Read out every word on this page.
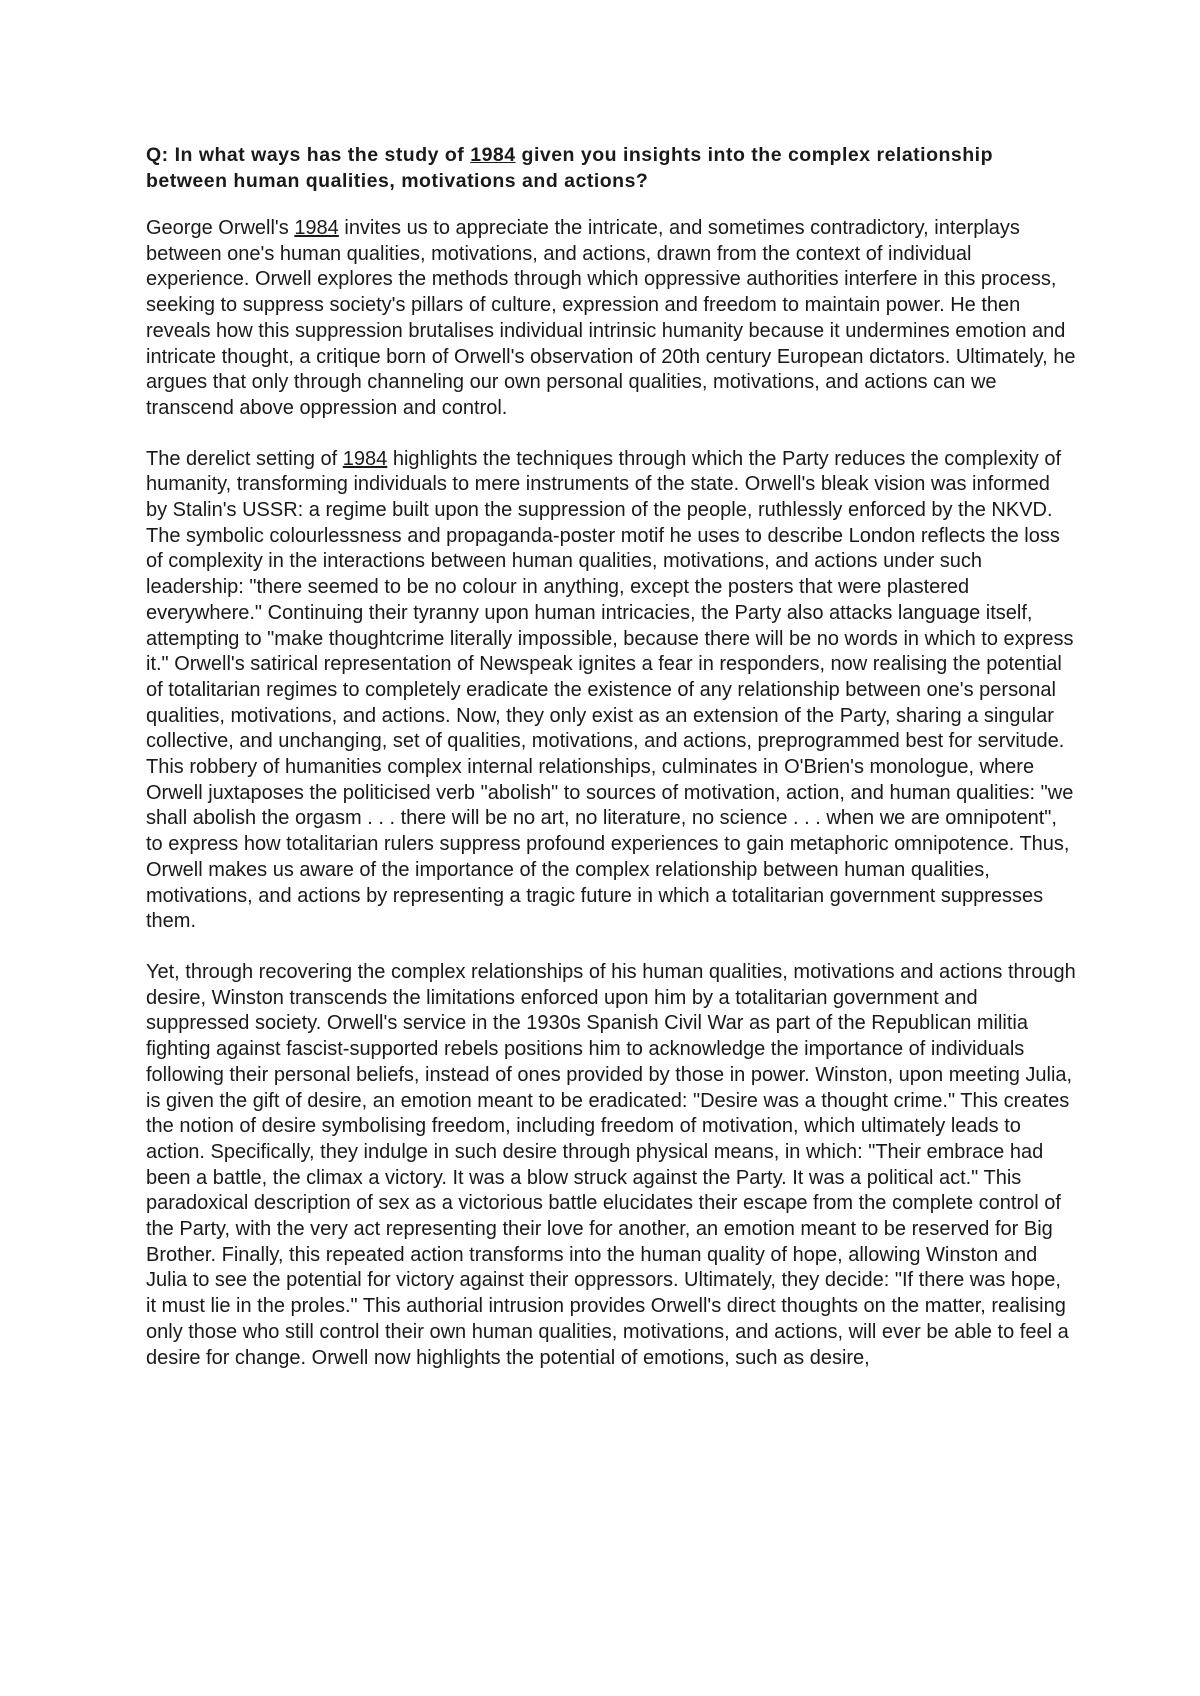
Q: In what ways has the study of 1984 given you insights into the complex relationship between human qualities, motivations and actions?

George Orwell's 1984 invites us to appreciate the intricate, and sometimes contradictory, interplays between one's human qualities, motivations, and actions, drawn from the context of individual experience. Orwell explores the methods through which oppressive authorities interfere in this process, seeking to suppress society's pillars of culture, expression and freedom to maintain power. He then reveals how this suppression brutalises individual intrinsic humanity because it undermines emotion and intricate thought, a critique born of Orwell's observation of 20th century European dictators. Ultimately, he argues that only through channeling our own personal qualities, motivations, and actions can we transcend above oppression and control.

The derelict setting of 1984 highlights the techniques through which the Party reduces the complexity of humanity, transforming individuals to mere instruments of the state. Orwell's bleak vision was informed by Stalin's USSR: a regime built upon the suppression of the people, ruthlessly enforced by the NKVD. The symbolic colourlessness and propaganda-poster motif he uses to describe London reflects the loss of complexity in the interactions between human qualities, motivations, and actions under such leadership: "there seemed to be no colour in anything, except the posters that were plastered everywhere." Continuing their tyranny upon human intricacies, the Party also attacks language itself, attempting to "make thoughtcrime literally impossible, because there will be no words in which to express it." Orwell's satirical representation of Newspeak ignites a fear in responders, now realising the potential of totalitarian regimes to completely eradicate the existence of any relationship between one's personal qualities, motivations, and actions. Now, they only exist as an extension of the Party, sharing a singular collective, and unchanging, set of qualities, motivations, and actions, preprogrammed best for servitude. This robbery of humanities complex internal relationships, culminates in O'Brien's monologue, where Orwell juxtaposes the politicised verb "abolish" to sources of motivation, action, and human qualities: "we shall abolish the orgasm . . . there will be no art, no literature, no science . . . when we are omnipotent", to express how totalitarian rulers suppress profound experiences to gain metaphoric omnipotence. Thus, Orwell makes us aware of the importance of the complex relationship between human qualities, motivations, and actions by representing a tragic future in which a totalitarian government suppresses them.

Yet, through recovering the complex relationships of his human qualities, motivations and actions through desire, Winston transcends the limitations enforced upon him by a totalitarian government and suppressed society. Orwell's service in the 1930s Spanish Civil War as part of the Republican militia fighting against fascist-supported rebels positions him to acknowledge the importance of individuals following their personal beliefs, instead of ones provided by those in power. Winston, upon meeting Julia, is given the gift of desire, an emotion meant to be eradicated: "Desire was a thought crime." This creates the notion of desire symbolising freedom, including freedom of motivation, which ultimately leads to action. Specifically, they indulge in such desire through physical means, in which: "Their embrace had been a battle, the climax a victory. It was a blow struck against the Party. It was a political act." This paradoxical description of sex as a victorious battle elucidates their escape from the complete control of the Party, with the very act representing their love for another, an emotion meant to be reserved for Big Brother. Finally, this repeated action transforms into the human quality of hope, allowing Winston and Julia to see the potential for victory against their oppressors. Ultimately, they decide: "If there was hope, it must lie in the proles." This authorial intrusion provides Orwell's direct thoughts on the matter, realising only those who still control their own human qualities, motivations, and actions, will ever be able to feel a desire for change. Orwell now highlights the potential of emotions, such as desire,
